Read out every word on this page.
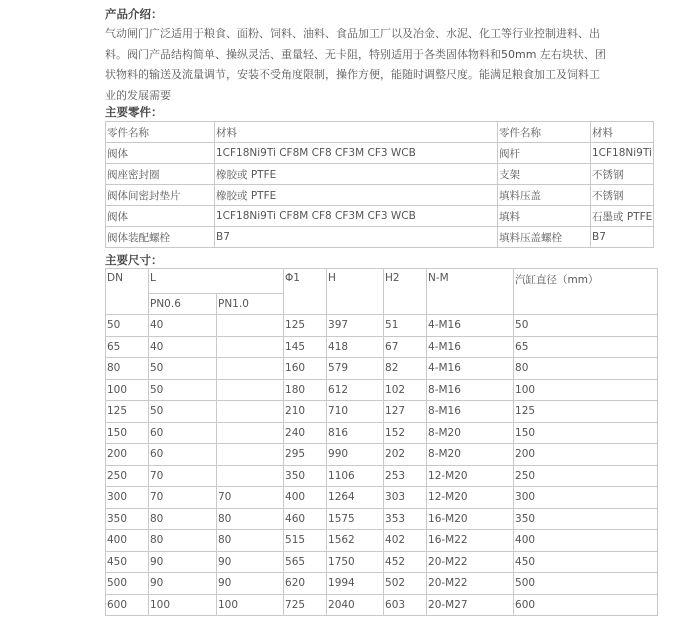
产品介绍：

气动闸门广泛适用于粮食、面粉、饲料、油料、食品加工厂以及冶金、水泥、化工等行业控制进料、出料。阀门产品结构简单、操纵灵活、重量轻、无卡阻，特别适用于各类固体物料和50mm 左右块状、团状物料的输送及流量调节，安装不受角度限制，操作方便，能随时调整尺度。能满足粮食加工及饲料工业的发展需要

主要零件：

零件名称	材料	零件名称	材料
阀体	1CF18Ni9Ti CF8M CF8 CF3M CF3 WCB	阀杆	1CF18Ni9Ti
阀座密封圈	橡胶或 PTFE	支架	不锈钢
阀体间密封垫片	橡胶或 PTFE	填料压盖	不锈钢
阀体	1CF18Ni9Ti CF8M CF8 CF3M CF3 WCB	填料	石墨或 PTFE
阀体装配螺栓	B7	填料压盖螺栓	B7

主要尺寸：

DN	L		Φ1	H	H2	N-M	汽缸直径（mm）
	PN0.6	PN1.0					
50	40		125	397	51	4-M16	50
65	40		145	418	67	4-M16	65
80	50		160	579	82	4-M16	80
100	50		180	612	102	8-M16	100
125	50		210	710	127	8-M16	125
150	60		240	816	152	8-M20	150
200	60		295	990	202	8-M20	200
250	70		350	1106	253	12-M20	250
300	70	70	400	1264	303	12-M20	300
350	80	80	460	1575	353	16-M20	350
400	80	80	515	1562	402	16-M22	400
450	90	90	565	1750	452	20-M22	450
500	90	90	620	1994	502	20-M22	500
600	100	100	725	2040	603	20-M27	600
